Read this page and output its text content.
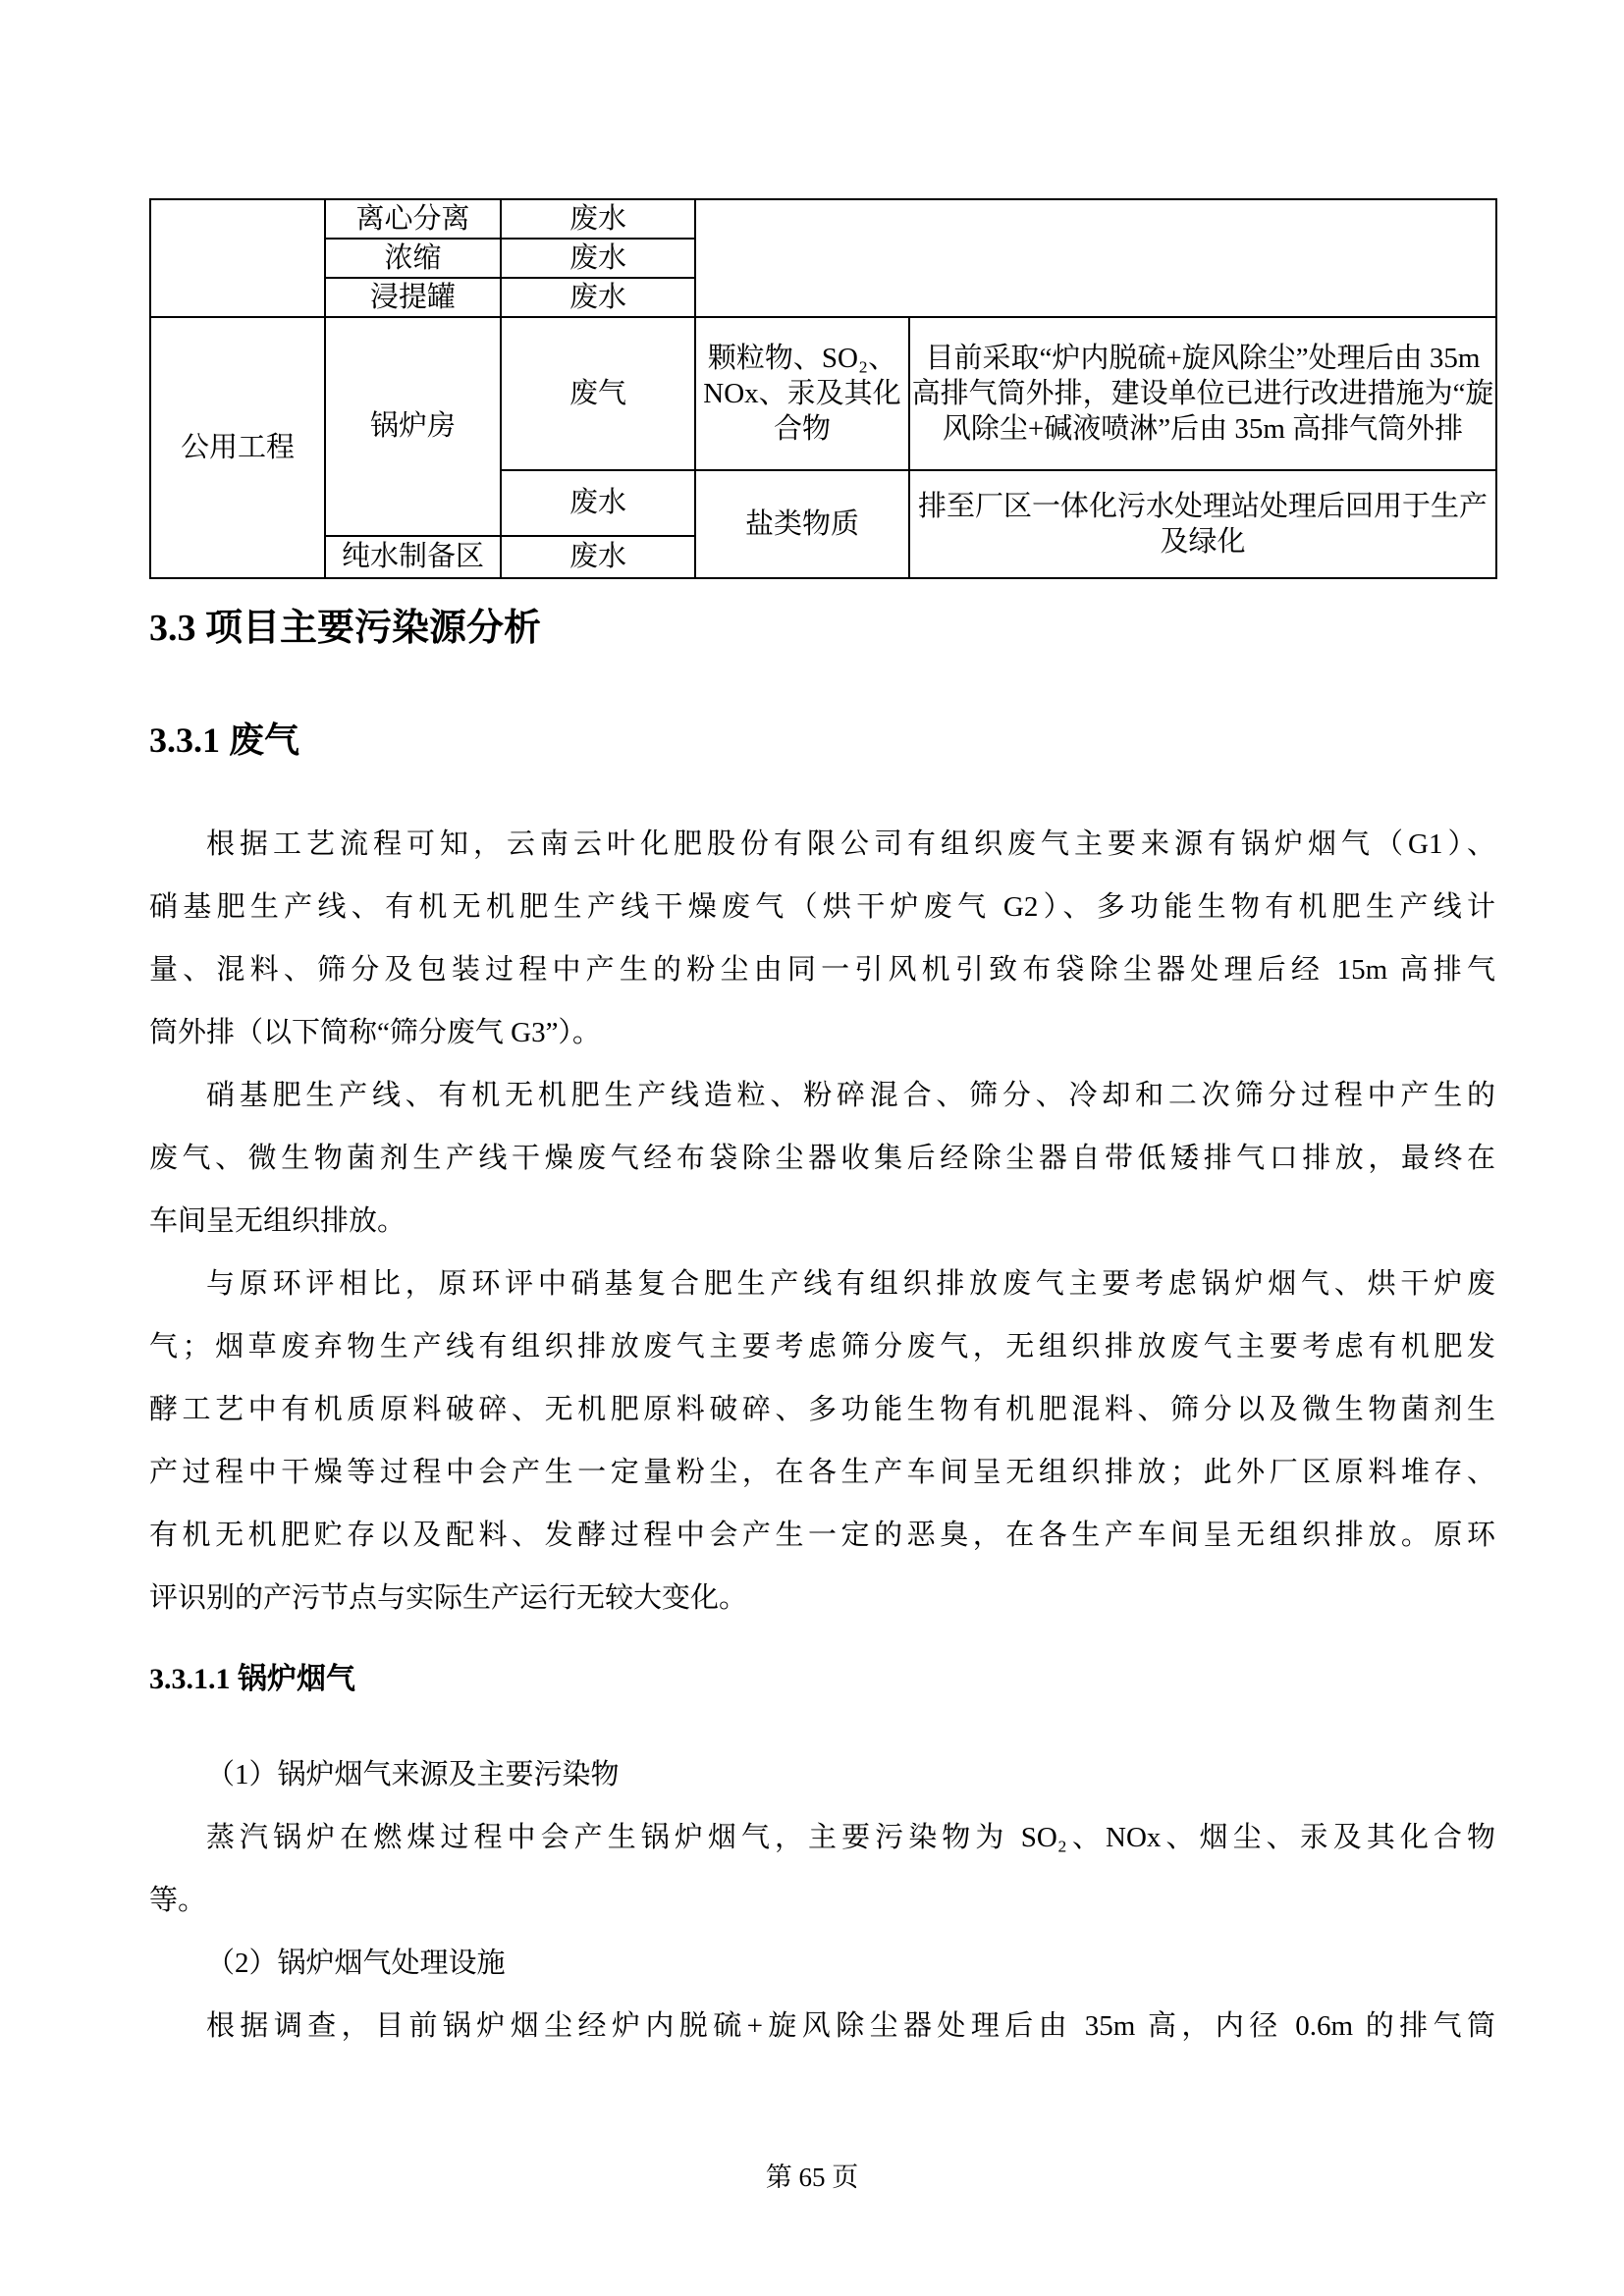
	离心分离	废水		
	浓缩	废水		
	浸提罐	废水		
公用工程	锅炉房	废气	颗粒物、SO₂、NOx、汞及其化合物	目前采取“炉内脱硫+旋风除尘”处理后由 35m 高排气筒外排，建设单位已进行改进措施为“旋风除尘+碱液喷淋”后由 35m 高排气筒外排
		废水	盐类物质	排至厂区一体化污水处理站处理后回用于生产及绿化
	纯水制备区	废水		
3.3 项目主要污染源分析
3.3.1 废气
根据工艺流程可知，云南云叶化肥股份有限公司有组织废气主要来源有锅炉烟气（G1）、
硝基肥生产线、有机无机肥生产线干燥废气（烘干炉废气 G2）、多功能生物有机肥生产线计
量、混料、筛分及包装过程中产生的粉尘由同一引风机引致布袋除尘器处理后经 15m 高排气
筒外排（以下简称“筛分废气 G3”）。
硝基肥生产线、有机无机肥生产线造粒、粉碎混合、筛分、冷却和二次筛分过程中产生的
废气、微生物菌剂生产线干燥废气经布袋除尘器收集后经除尘器自带低矮排气口排放，最终在
车间呈无组织排放。
与原环评相比，原环评中硝基复合肥生产线有组织排放废气主要考虑锅炉烟气、烘干炉废
气；烟草废弃物生产线有组织排放废气主要考虑筛分废气，无组织排放废气主要考虑有机肥发
酵工艺中有机质原料破碎、无机肥原料破碎、多功能生物有机肥混料、筛分以及微生物菌剂生
产过程中干燥等过程中会产生一定量粉尘，在各生产车间呈无组织排放；此外厂区原料堆存、
有机无机肥贮存以及配料、发酵过程中会产生一定的恶臭，在各生产车间呈无组织排放。原环
评识别的产污节点与实际生产运行无较大变化。
3.3.1.1 锅炉烟气
（1）锅炉烟气来源及主要污染物
蒸汽锅炉在燃煤过程中会产生锅炉烟气，主要污染物为 SO₂、NOx、烟尘、汞及其化合物
等。
（2）锅炉烟气处理设施
根据调查，目前锅炉烟尘经炉内脱硫+旋风除尘器处理后由 35m 高，内径 0.6m 的排气筒
第 65 页
